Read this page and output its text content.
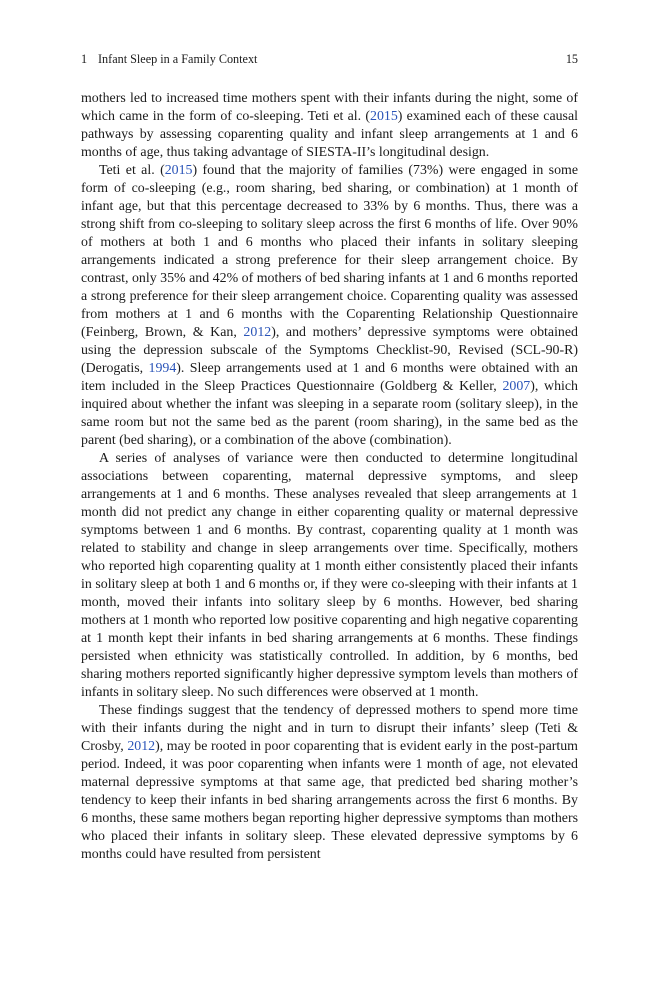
1 Infant Sleep in a Family Context	15

mothers led to increased time mothers spent with their infants during the night, some of which came in the form of co-sleeping. Teti et al. (2015) examined each of these causal pathways by assessing coparenting quality and infant sleep arrangements at 1 and 6 months of age, thus taking advantage of SIESTA-II’s longitudinal design.

Teti et al. (2015) found that the majority of families (73%) were engaged in some form of co-sleeping (e.g., room sharing, bed sharing, or combination) at 1 month of infant age, but that this percentage decreased to 33% by 6 months. Thus, there was a strong shift from co-sleeping to solitary sleep across the first 6 months of life. Over 90% of mothers at both 1 and 6 months who placed their infants in solitary sleeping arrangements indicated a strong preference for their sleep arrangement choice. By contrast, only 35% and 42% of mothers of bed sharing infants at 1 and 6 months reported a strong preference for their sleep arrangement choice. Coparenting quality was assessed from mothers at 1 and 6 months with the Coparenting Relationship Questionnaire (Feinberg, Brown, & Kan, 2012), and mothers’ depressive symptoms were obtained using the depression subscale of the Symptoms Checklist-90, Revised (SCL-90-R) (Derogatis, 1994). Sleep arrangements used at 1 and 6 months were obtained with an item included in the Sleep Practices Questionnaire (Goldberg & Keller, 2007), which inquired about whether the infant was sleeping in a separate room (solitary sleep), in the same room but not the same bed as the parent (room sharing), in the same bed as the parent (bed sharing), or a combination of the above (combination).

A series of analyses of variance were then conducted to determine longitudinal associations between coparenting, maternal depressive symptoms, and sleep arrangements at 1 and 6 months. These analyses revealed that sleep arrangements at 1 month did not predict any change in either coparenting quality or maternal depressive symptoms between 1 and 6 months. By contrast, coparenting quality at 1 month was related to stability and change in sleep arrangements over time. Specifically, mothers who reported high coparenting quality at 1 month either consistently placed their infants in solitary sleep at both 1 and 6 months or, if they were co-sleeping with their infants at 1 month, moved their infants into solitary sleep by 6 months. However, bed sharing mothers at 1 month who reported low positive coparenting and high negative coparenting at 1 month kept their infants in bed sharing arrangements at 6 months. These findings persisted when ethnicity was statistically controlled. In addition, by 6 months, bed sharing mothers reported significantly higher depressive symptom levels than mothers of infants in solitary sleep. No such differences were observed at 1 month.

These findings suggest that the tendency of depressed mothers to spend more time with their infants during the night and in turn to disrupt their infants’ sleep (Teti & Crosby, 2012), may be rooted in poor coparenting that is evident early in the post-partum period. Indeed, it was poor coparenting when infants were 1 month of age, not elevated maternal depressive symptoms at that same age, that predicted bed sharing mother’s tendency to keep their infants in bed sharing arrangements across the first 6 months. By 6 months, these same mothers began reporting higher depressive symptoms than mothers who placed their infants in solitary sleep. These elevated depressive symptoms by 6 months could have resulted from persistent
